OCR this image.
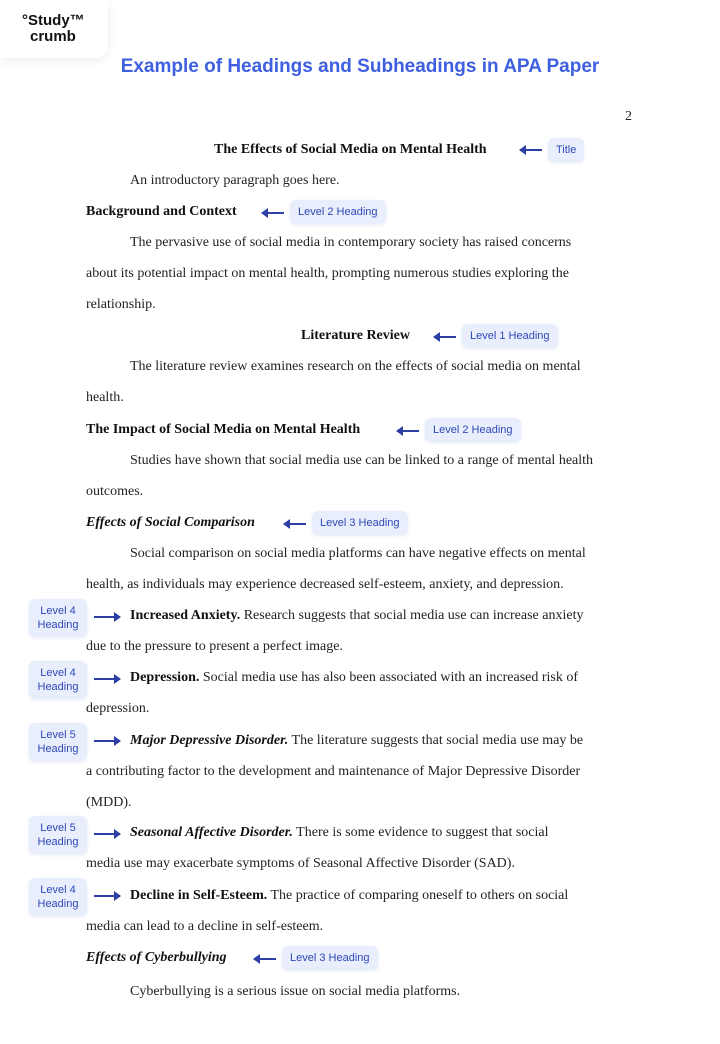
°Study™
crumb
Example of Headings and Subheadings in APA Paper
2
The Effects of Social Media on Mental Health	Title
An introductory paragraph goes here.
Background and Context	Level 2 Heading
The pervasive use of social media in contemporary society has raised concerns
about its potential impact on mental health, prompting numerous studies exploring the
relationship.
Literature Review	Level 1 Heading
The literature review examines research on the effects of social media on mental
health.
The Impact of Social Media on Mental Health	Level 2 Heading
Studies have shown that social media use can be linked to a range of mental health
outcomes.
Effects of Social Comparison	Level 3 Heading
Social comparison on social media platforms can have negative effects on mental
health, as individuals may experience decreased self-esteem, anxiety, and depression.
Level 4
Heading
Increased Anxiety. Research suggests that social media use can increase anxiety
due to the pressure to present a perfect image.
Level 4
Heading
Depression. Social media use has also been associated with an increased risk of
depression.
Level 5
Heading
Major Depressive Disorder. The literature suggests that social media use may be
a contributing factor to the development and maintenance of Major Depressive Disorder
(MDD).
Level 5
Heading
Seasonal Affective Disorder. There is some evidence to suggest that social
media use may exacerbate symptoms of Seasonal Affective Disorder (SAD).
Level 4
Heading
Decline in Self-Esteem. The practice of comparing oneself to others on social
media can lead to a decline in self-esteem.
Effects of Cyberbullying	Level 3 Heading
Cyberbullying is a serious issue on social media platforms.
